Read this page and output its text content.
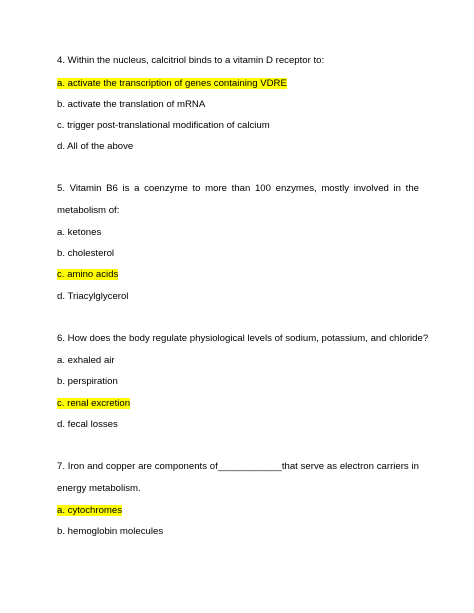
4. Within the nucleus, calcitriol binds to a vitamin D receptor to:
a. activate the transcription of genes containing VDRE
b. activate the translation of mRNA
c. trigger post-translational modification of calcium
d. All of the above
5. Vitamin B6 is a coenzyme to more than 100 enzymes, mostly involved in the
metabolism of:
a. ketones
b. cholesterol
c. amino acids
d. Triacylglycerol
6. How does the body regulate physiological levels of sodium, potassium, and chloride?
a. exhaled air
b. perspiration
c. renal excretion
d. fecal losses
7. Iron and copper are components of____________that serve as electron carriers in
energy metabolism.
a. cytochromes
b. hemoglobin molecules
